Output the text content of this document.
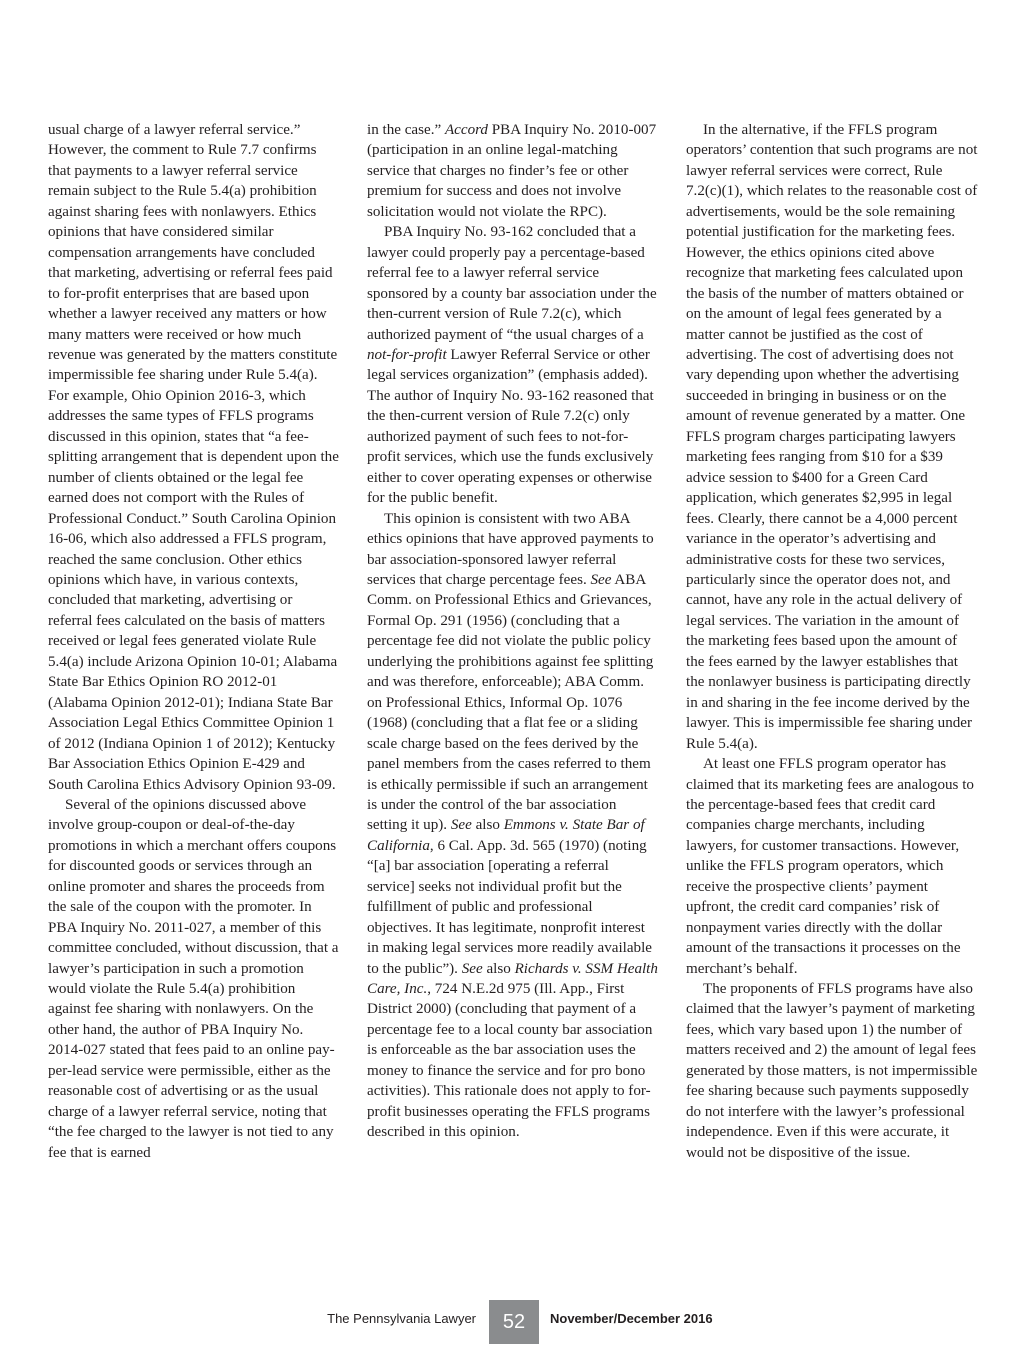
usual charge of a lawyer referral service.” However, the comment to Rule 7.7 confirms that payments to a lawyer referral service remain subject to the Rule 5.4(a) prohibition against sharing fees with nonlawyers. Ethics opinions that have considered similar compensation arrangements have concluded that marketing, advertising or referral fees paid to for-profit enterprises that are based upon whether a lawyer received any matters or how many matters were received or how much revenue was generated by the matters constitute impermissible fee sharing under Rule 5.4(a). For example, Ohio Opinion 2016-3, which addresses the same types of FFLS programs discussed in this opinion, states that “a fee-splitting arrangement that is dependent upon the number of clients obtained or the legal fee earned does not comport with the Rules of Professional Conduct.” South Carolina Opinion 16-06, which also addressed a FFLS program, reached the same conclusion. Other ethics opinions which have, in various contexts, concluded that marketing, advertising or referral fees calculated on the basis of matters received or legal fees generated violate Rule 5.4(a) include Arizona Opinion 10-01; Alabama State Bar Ethics Opinion RO 2012-01 (Alabama Opinion 2012-01); Indiana State Bar Association Legal Ethics Committee Opinion 1 of 2012 (Indiana Opinion 1 of 2012); Kentucky Bar Association Ethics Opinion E-429 and South Carolina Ethics Advisory Opinion 93-09.

Several of the opinions discussed above involve group-coupon or deal-of-the-day promotions in which a merchant offers coupons for discounted goods or services through an online promoter and shares the proceeds from the sale of the coupon with the promoter. In PBA Inquiry No. 2011-027, a member of this committee concluded, without discussion, that a lawyer’s participation in such a promotion would violate the Rule 5.4(a) prohibition against fee sharing with nonlawyers. On the other hand, the author of PBA Inquiry No. 2014-027 stated that fees paid to an online pay-per-lead service were permissible, either as the reasonable cost of advertising or as the usual charge of a lawyer referral service, noting that “the fee charged to the lawyer is not tied to any fee that is earned

in the case.” Accord PBA Inquiry No. 2010-007 (participation in an online legal-matching service that charges no finder’s fee or other premium for success and does not involve solicitation would not violate the RPC).

PBA Inquiry No. 93-162 concluded that a lawyer could properly pay a percentage-based referral fee to a lawyer referral service sponsored by a county bar association under the then-current version of Rule 7.2(c), which authorized payment of “the usual charges of a not-for-profit Lawyer Referral Service or other legal services organization” (emphasis added). The author of Inquiry No. 93-162 reasoned that the then-current version of Rule 7.2(c) only authorized payment of such fees to not-for-profit services, which use the funds exclusively either to cover operating expenses or otherwise for the public benefit.

This opinion is consistent with two ABA ethics opinions that have approved payments to bar association-sponsored lawyer referral services that charge percentage fees. See ABA Comm. on Professional Ethics and Grievances, Formal Op. 291 (1956) (concluding that a percentage fee did not violate the public policy underlying the prohibitions against fee splitting and was therefore, enforceable); ABA Comm. on Professional Ethics, Informal Op. 1076 (1968) (concluding that a flat fee or a sliding scale charge based on the fees derived by the panel members from the cases referred to them is ethically permissible if such an arrangement is under the control of the bar association setting it up). See also Emmons v. State Bar of California, 6 Cal. App. 3d. 565 (1970) (noting “[a] bar association [operating a referral service] seeks not individual profit but the fulfillment of public and professional objectives. It has legitimate, nonprofit interest in making legal services more readily available to the public”). See also Richards v. SSM Health Care, Inc., 724 N.E.2d 975 (Ill. App., First District 2000) (concluding that payment of a percentage fee to a local county bar association is enforceable as the bar association uses the money to finance the service and for pro bono activities). This rationale does not apply to for-profit businesses operating the FFLS programs described in this opinion.

In the alternative, if the FFLS program operators’ contention that such programs are not lawyer referral services were correct, Rule 7.2(c)(1), which relates to the reasonable cost of advertisements, would be the sole remaining potential justification for the marketing fees. However, the ethics opinions cited above recognize that marketing fees calculated upon the basis of the number of matters obtained or on the amount of legal fees generated by a matter cannot be justified as the cost of advertising. The cost of advertising does not vary depending upon whether the advertising succeeded in bringing in business or on the amount of revenue generated by a matter. One FFLS program charges participating lawyers marketing fees ranging from $10 for a $39 advice session to $400 for a Green Card application, which generates $2,995 in legal fees. Clearly, there cannot be a 4,000 percent variance in the operator’s advertising and administrative costs for these two services, particularly since the operator does not, and cannot, have any role in the actual delivery of legal services. The variation in the amount of the marketing fees based upon the amount of the fees earned by the lawyer establishes that the nonlawyer business is participating directly in and sharing in the fee income derived by the lawyer. This is impermissible fee sharing under Rule 5.4(a).

At least one FFLS program operator has claimed that its marketing fees are analogous to the percentage-based fees that credit card companies charge merchants, including lawyers, for customer transactions. However, unlike the FFLS program operators, which receive the prospective clients’ payment upfront, the credit card companies’ risk of nonpayment varies directly with the dollar amount of the transactions it processes on the merchant’s behalf.

The proponents of FFLS programs have also claimed that the lawyer’s payment of marketing fees, which vary based upon 1) the number of matters received and 2) the amount of legal fees generated by those matters, is not impermissible fee sharing because such payments supposedly do not interfere with the lawyer’s professional independence. Even if this were accurate, it would not be dispositive of the issue.

The Pennsylvania Lawyer	52	November/December 2016
